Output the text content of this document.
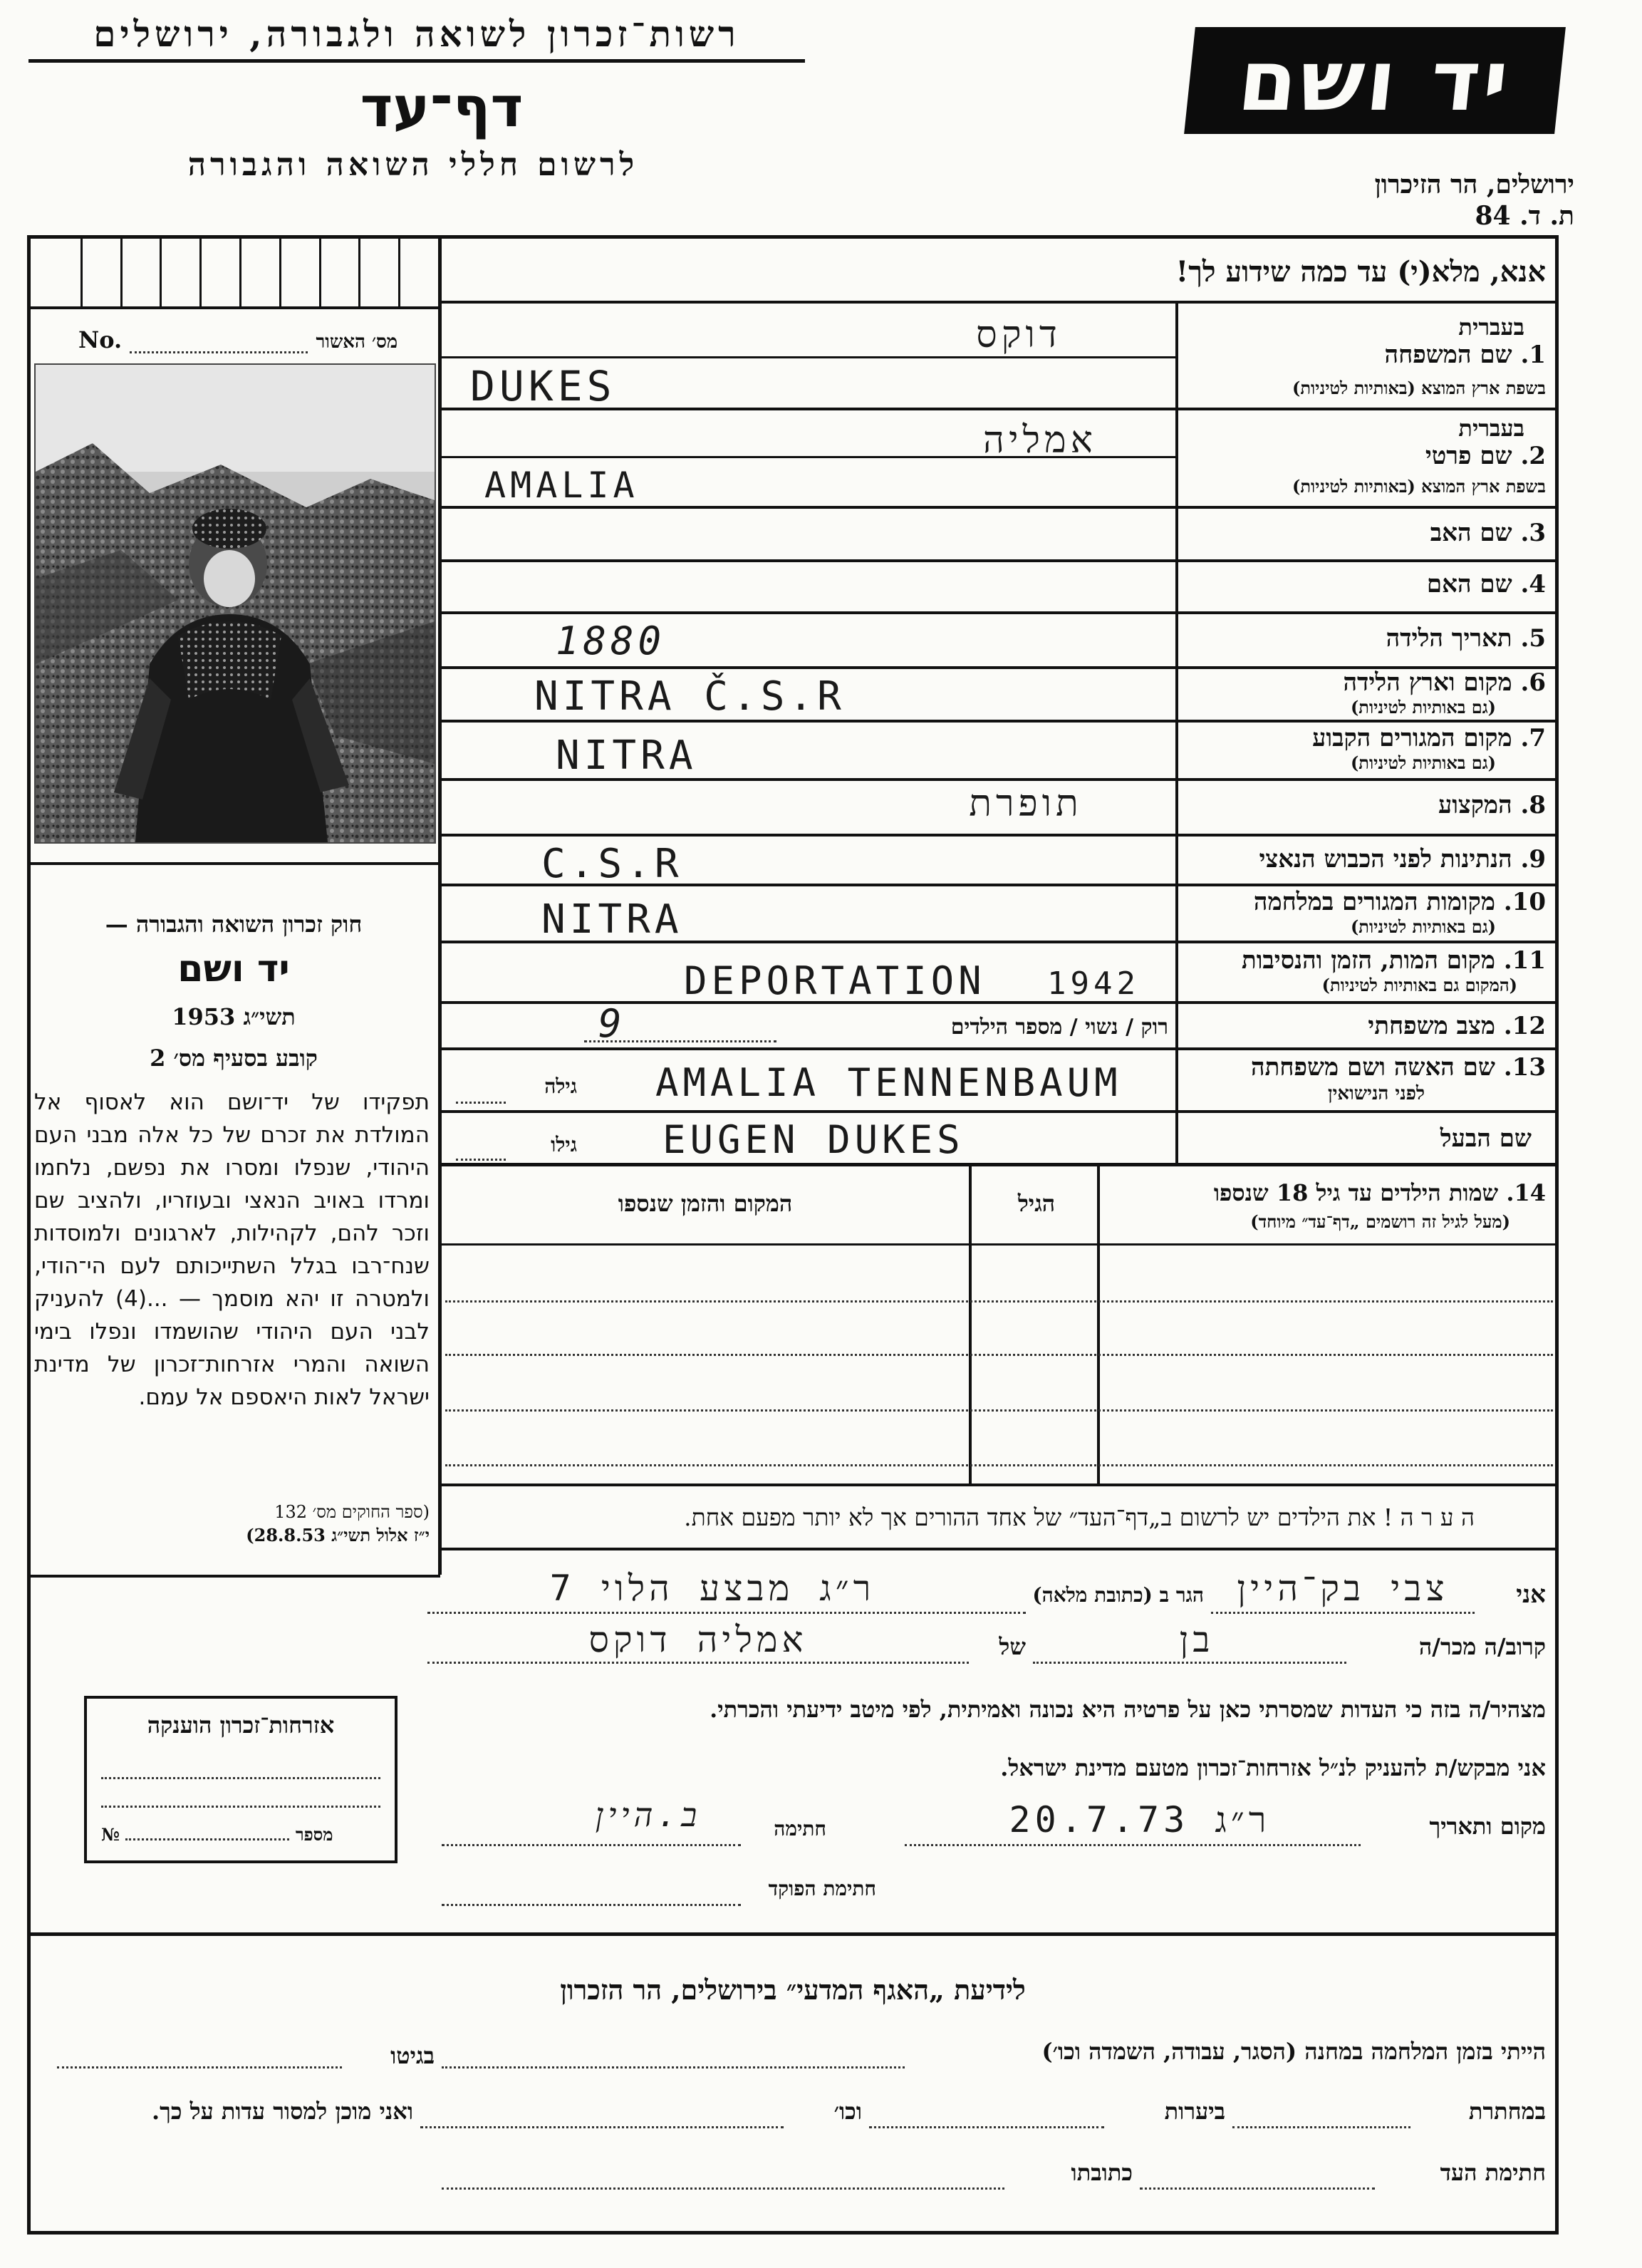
רשות־זכרון לשואה ולגבורה, ירושלים	יד ושם
דף־עד
לרשום חללי השואה והגבורה
ירושלים, הר הזיכרון
ת. ד. 84
אנא, מלא(י) עד כמה שידוע לך!
No.	מס׳ האשור
חוק זכרון השואה והגבורה —
יד ושם
תשי״ג 1953
קובע בסעיף מס׳ 2
תפקידו של יד־ושם הוא לאסוף אל המולדת את זכרם של כל אלה מבני העם היהודי, שנפלו ומסרו את נפשם, נלחמו ומרדו באויב הנאצי ובעוזריו, ולהציב שם וזכר להם, לקהילות, לארגונים ולמוסדות שנח־רבו בגלל השתייכותם לעם הי־הודי, ולמטרה זו יהא מוסמך — ...(4) להעניק לבני העם היהודי שהושמדו ונפלו בימי השואה והמרי אזרחות־זכרון של מדינת ישראל לאות היאספם אל עמם.
(ספר החוקים מס׳ 132
י״ז אלול תשי״ג 28.8.53)
אזרחות־זכרון הוענקה
№	מספר
בעברית
1. שם המשפחה
בשפת ארץ המוצא (באותיות לטיניות)
דוקס
DUKES
בעברית
2. שם פרטי
בשפת ארץ המוצא (באותיות לטיניות)
אמליה
AMALIA
3. שם האב
4. שם האם
5. תאריך הלידה
1880
6. מקום וארץ הלידה
(גם באותיות לטיניות)
NITRA Č.S.R
7. מקום המגורים הקבוע
(גם באותיות לטיניות)
NITRA
8. המקצוע
תופרת
9. הנתינות לפני הכבוש הנאצי
C.S.R
10. מקומות המגורים במלחמה
(גם באותיות לטיניות)
NITRA
11. מקום המות, הזמן והנסיבות
(המקום גם באותיות לטיניות)
DEPORTATION	1942
12. מצב משפחתי
רוק / נשוי / מספר הילדים
9
13. שם האשה ושם משפחתה
לפני הנישואין
גילה AMALIA TENNENBAUM
שם הבעל
גילו EUGEN DUKES
14. שמות הילדים עד גיל 18 שנספו
(מעל לגיל זה רושמים „דף־עד״ מיוחד)
הגיל
המקום והזמן שנספו
ה ע ר ה ! את הילדים יש לרשום ב„דף־העד״ של אחד ההורים אך לא יותר מפעם אחת.
אני
צבי בק־היין
הגר ב (כתובת מלאה)
ר״ג מבצע הלוי 7
קרוב/ה מכר/ה
בן
של
אמליה דוקס
מצהיר/ה בזה כי העדות שמסרתי כאן על פרטיה היא נכונה ואמיתית, לפי מיטב ידיעתי והכרתי.
אני מבקש/ת להעניק לנ״ל אזרחות־זכרון מטעם מדינת ישראל.
מקום ותאריך
ר״ג 20.7.73
חתימה
ב.היין
חתימת הפוקד
לידיעת „האגף המדעי״ בירושלים, הר הזכרון
הייתי בזמן המלחמה במחנה (הסגר, עבודה, השמדה וכו׳)
בגיטו
במחתרת
ביערות
וכו׳
ואני מוכן למסור עדות על כך.
חתימת העד
כתובתו
